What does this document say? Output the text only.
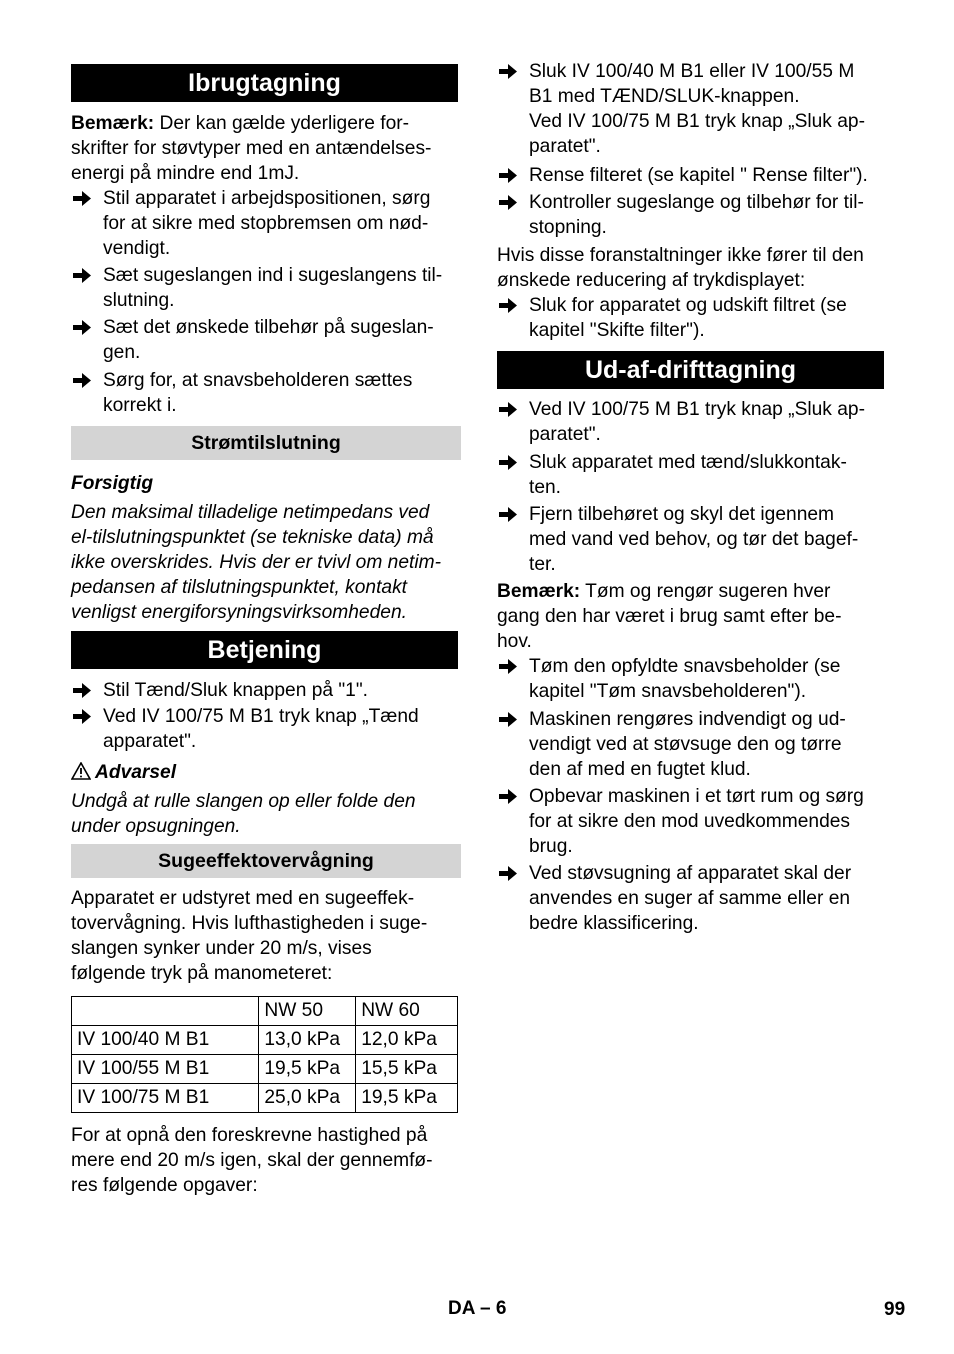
Ibrugtagning
Bemærk: Der kan gælde yderligere for-
skrifter for støvtyper med en antændelses-
energi på mindre end 1mJ.
Stil apparatet i arbejdspositionen, sørg
for at sikre med stopbremsen om nød-
vendigt.
Sæt sugeslangen ind i sugeslangens til-
slutning.
Sæt det ønskede tilbehør på sugeslan-
gen.
Sørg for, at snavsbeholderen sættes
korrekt i.
Strømtilslutning
Forsigtig
Den maksimal tilladelige netimpedans ved
el-tilslutningspunktet (se tekniske data) må
ikke overskrides. Hvis der er tvivl om netim-
pedansen af tilslutningspunktet, kontakt
venligst energiforsyningsvirksomheden.
Betjening
Stil Tænd/Sluk knappen på "1".
Ved IV 100/75 M B1 tryk knap „Tænd
apparatet".
Advarsel
Undgå at rulle slangen op eller folde den
under opsugningen.
Sugeeffektovervågning
Apparatet er udstyret med en sugeeffek-
tovervågning. Hvis lufthastigheden i suge-
slangen synker under 20 m/s, vises
følgende tryk på manometeret:
	NW 50	NW 60
IV 100/40 M B1	13,0 kPa	12,0 kPa
IV 100/55 M B1	19,5 kPa	15,5 kPa
IV 100/75 M B1	25,0 kPa	19,5 kPa
For at opnå den foreskrevne hastighed på
mere end 20 m/s igen, skal der gennemfø-
res følgende opgaver:
Sluk IV 100/40 M B1 eller IV 100/55 M
B1 med TÆND/SLUK-knappen.
Ved IV 100/75 M B1 tryk knap „Sluk ap-
paratet".
Rense filteret (se kapitel " Rense filter").
Kontroller sugeslange og tilbehør for til-
stopning.
Hvis disse foranstaltninger ikke fører til den
ønskede reducering af trykdisplayet:
Sluk for apparatet og udskift filtret (se
kapitel "Skifte filter").
Ud-af-drifttagning
Ved IV 100/75 M B1 tryk knap „Sluk ap-
paratet".
Sluk apparatet med tænd/slukkontak-
ten.
Fjern tilbehøret og skyl det igennem
med vand ved behov, og tør det bagef-
ter.
Bemærk: Tøm og rengør sugeren hver
gang den har været i brug samt efter be-
hov.
Tøm den opfyldte snavsbeholder (se
kapitel "Tøm snavsbeholderen").
Maskinen rengøres indvendigt og ud-
vendigt ved at støvsuge den og tørre
den af med en fugtet klud.
Opbevar maskinen i et tørt rum og sørg
for at sikre den mod uvedkommendes
brug.
Ved støvsugning af apparatet skal der
anvendes en suger af samme eller en
bedre klassificering.
DA – 6	99
